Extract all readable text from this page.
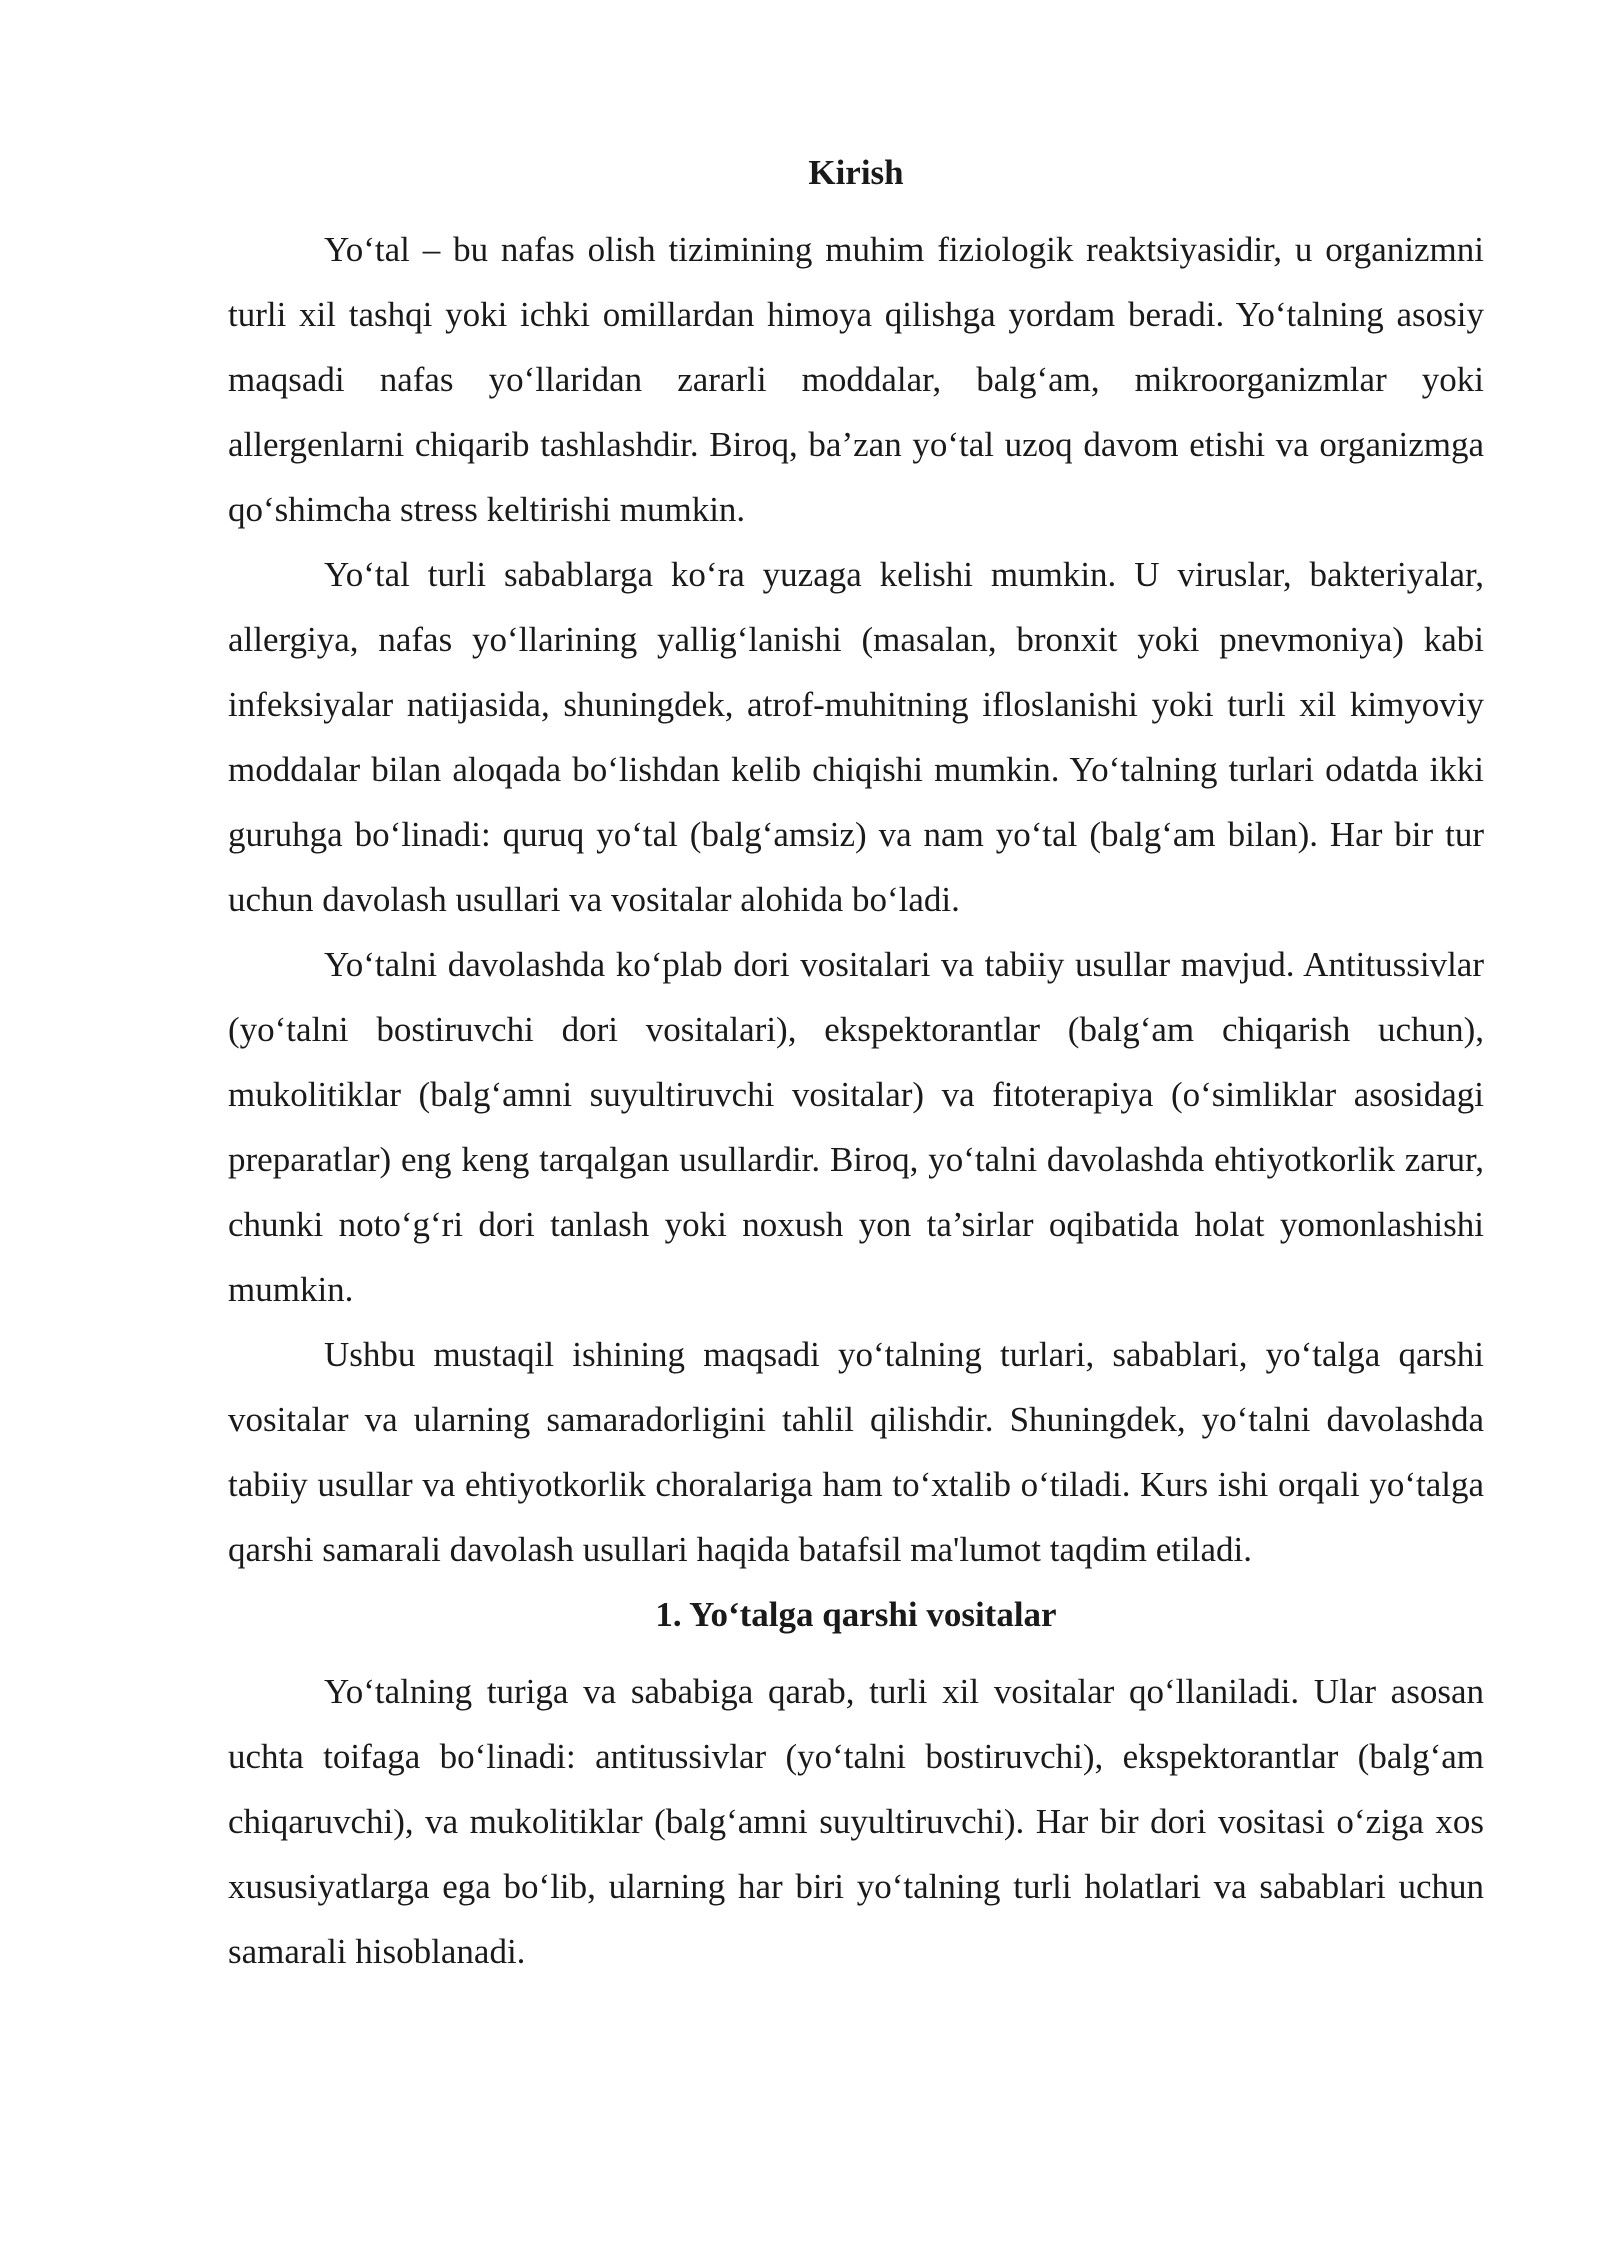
Kirish

Yo‘tal – bu nafas olish tizimining muhim fiziologik reaktsiyasidir, u organizmni turli xil tashqi yoki ichki omillardan himoya qilishga yordam beradi. Yo‘talning asosiy maqsadi nafas yo‘llaridan zararli moddalar, balg‘am, mikroorganizmlar yoki allergenlarni chiqarib tashlashdir. Biroq, ba’zan yo‘tal uzoq davom etishi va organizmga qo‘shimcha stress keltirishi mumkin.

Yo‘tal turli sabablarga ko‘ra yuzaga kelishi mumkin. U viruslar, bakteriyalar, allergiya, nafas yo‘llarining yallig‘lanishi (masalan, bronxit yoki pnevmoniya) kabi infeksiyalar natijasida, shuningdek, atrof-muhitning ifloslanishi yoki turli xil kimyoviy moddalar bilan aloqada bo‘lishdan kelib chiqishi mumkin. Yo‘talning turlari odatda ikki guruhga bo‘linadi: quruq yo‘tal (balg‘amsiz) va nam yo‘tal (balg‘am bilan). Har bir tur uchun davolash usullari va vositalar alohida bo‘ladi.

Yo‘talni davolashda ko‘plab dori vositalari va tabiiy usullar mavjud. Antitussivlar (yo‘talni bostiruvchi dori vositalari), ekspektorantlar (balg‘am chiqarish uchun), mukolitiklar (balg‘amni suyultiruvchi vositalar) va fitoterapiya (o‘simliklar asosidagi preparatlar) eng keng tarqalgan usullardir. Biroq, yo‘talni davolashda ehtiyotkorlik zarur, chunki noto‘g‘ri dori tanlash yoki noxush yon ta’sirlar oqibatida holat yomonlashishi mumkin.

Ushbu mustaqil ishining maqsadi yo‘talning turlari, sabablari, yo‘talga qarshi vositalar va ularning samaradorligini tahlil qilishdir. Shuningdek, yo‘talni davolashda tabiiy usullar va ehtiyotkorlik choralariga ham to‘xtalib o‘tiladi. Kurs ishi orqali yo‘talga qarshi samarali davolash usullari haqida batafsil ma'lumot taqdim etiladi.

1. Yo‘talga qarshi vositalar

Yo‘talning turiga va sababiga qarab, turli xil vositalar qo‘llaniladi. Ular asosan uchta toifaga bo‘linadi: antitussivlar (yo‘talni bostiruvchi), ekspektorantlar (balg‘am chiqaruvchi), va mukolitiklar (balg‘amni suyultiruvchi). Har bir dori vositasi o‘ziga xos xususiyatlarga ega bo‘lib, ularning har biri yo‘talning turli holatlari va sabablari uchun samarali hisoblanadi.
